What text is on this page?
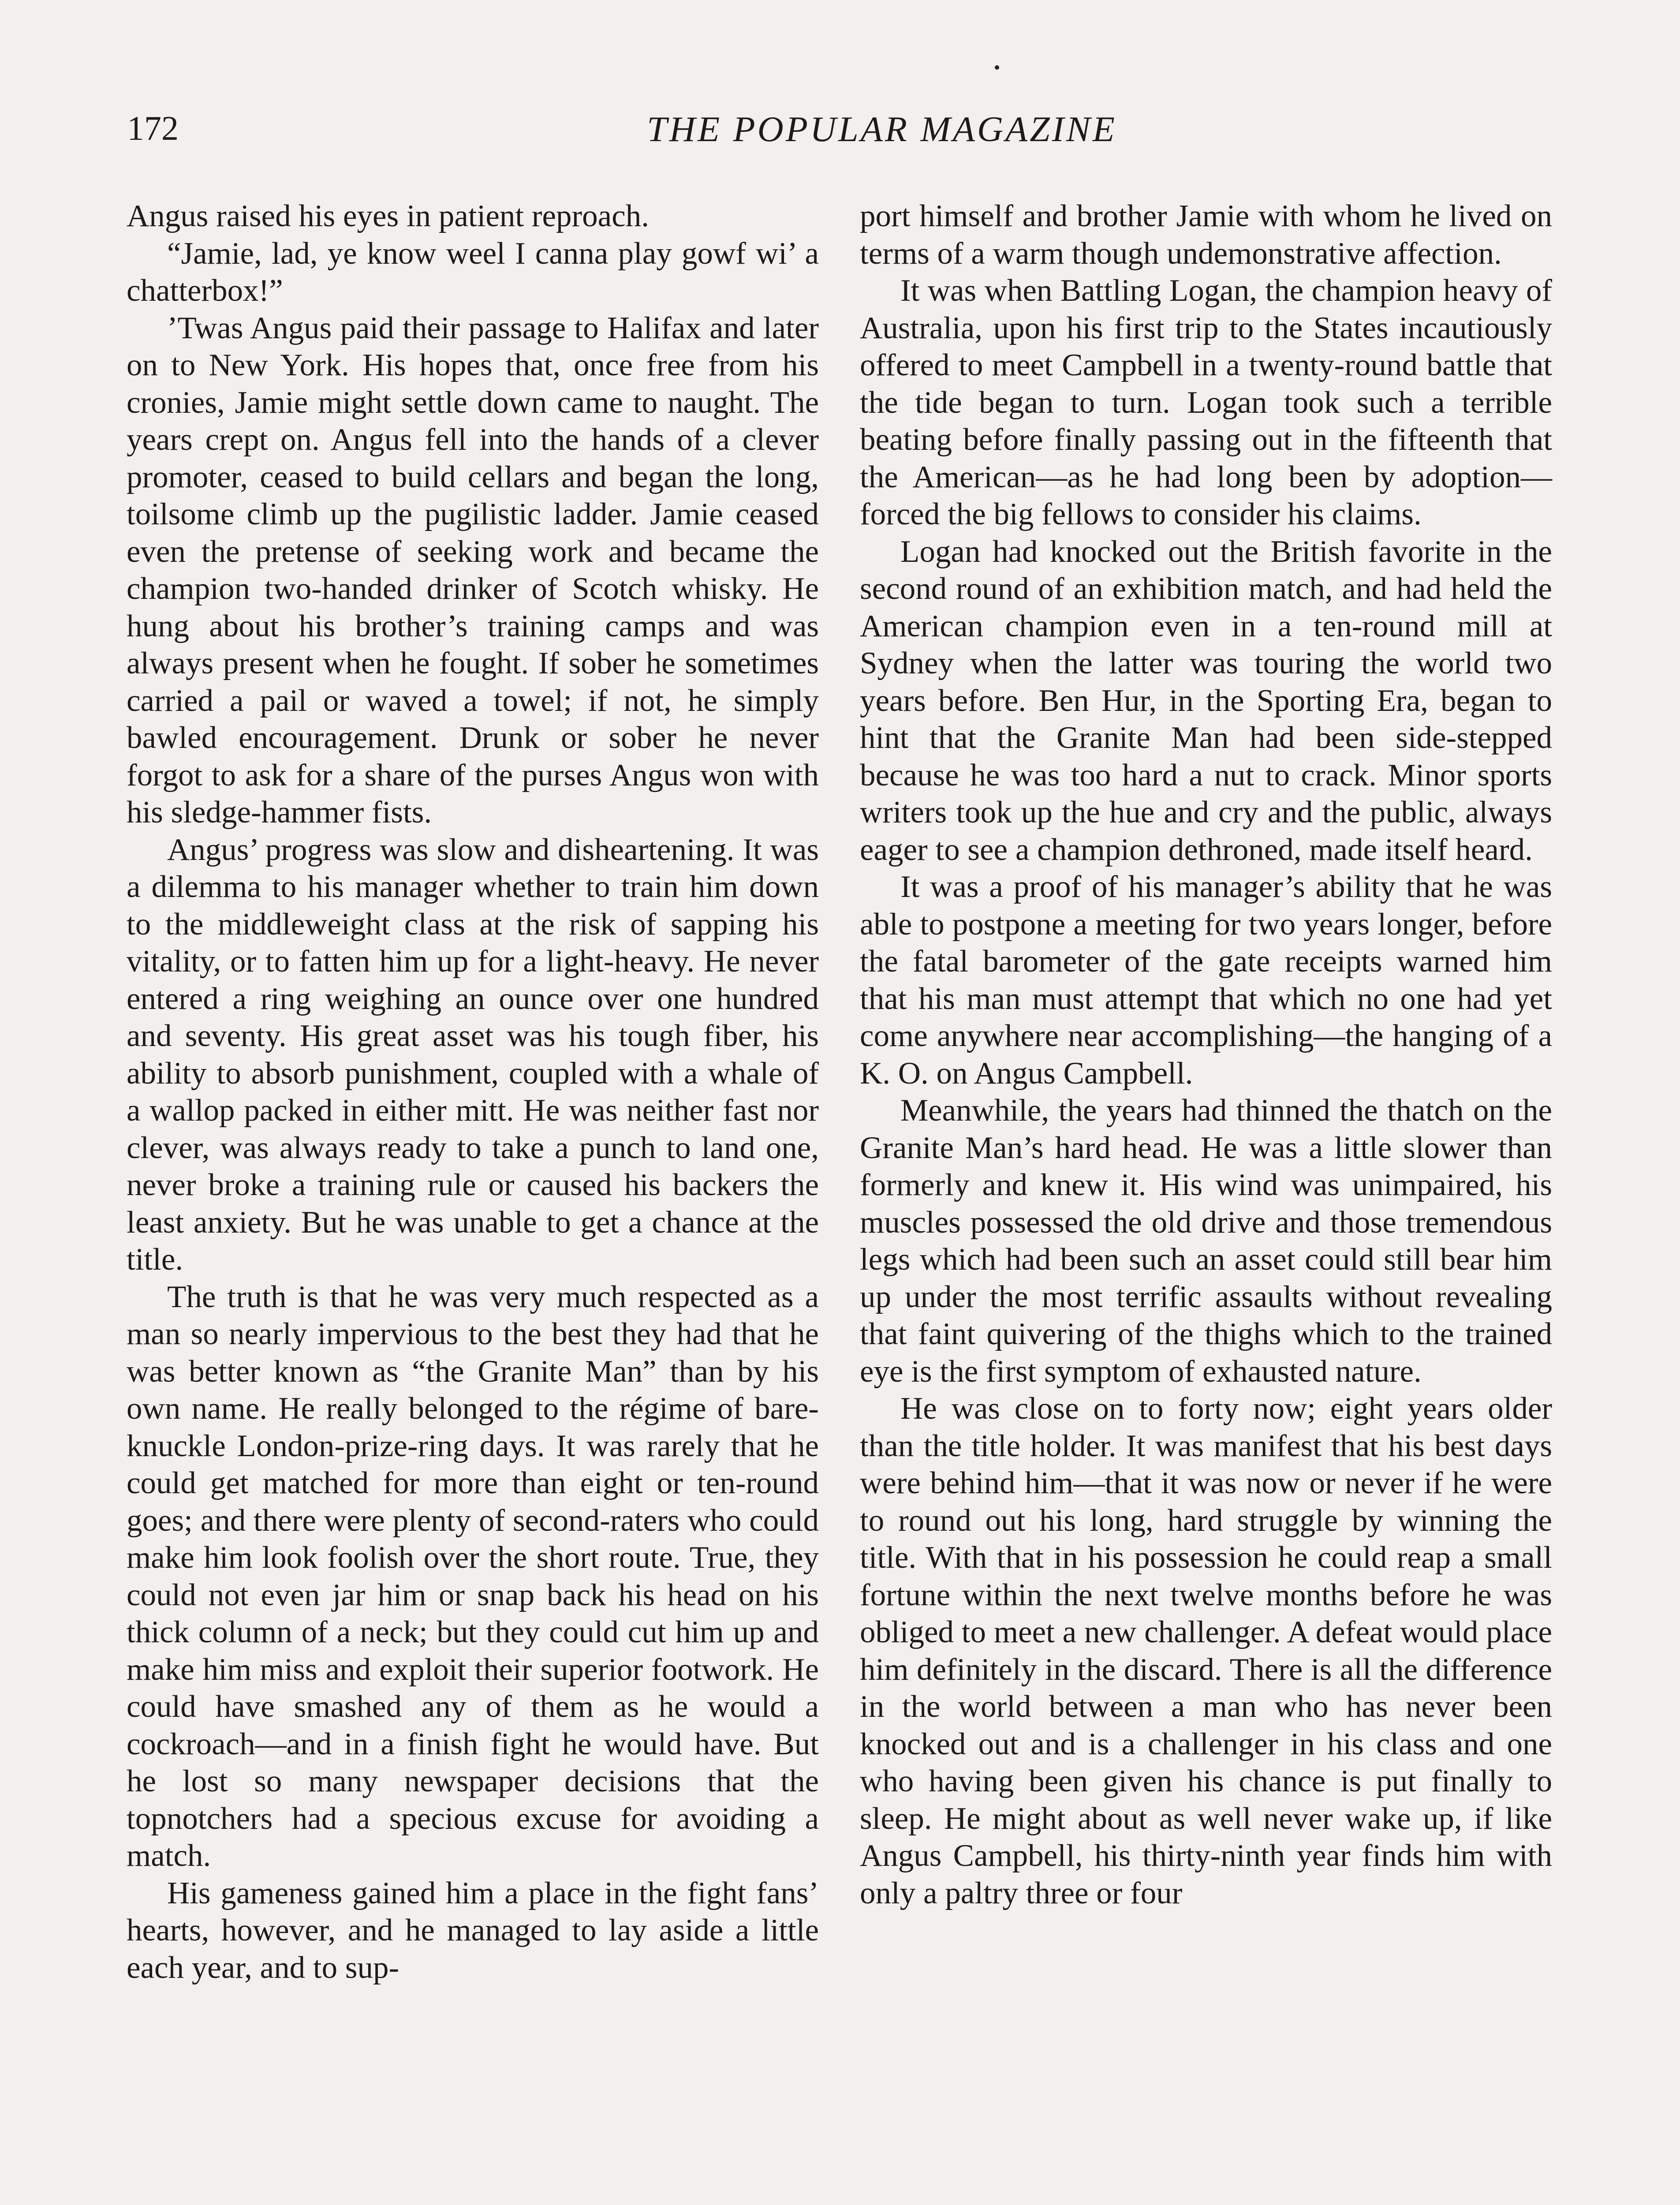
172	THE POPULAR MAGAZINE

Angus raised his eyes in patient reproach.

“Jamie, lad, ye know weel I canna play gowf wi’ a chatterbox!”

’Twas Angus paid their passage to Halifax and later on to New York. His hopes that, once free from his cronies, Jamie might settle down came to naught. The years crept on. Angus fell into the hands of a clever promoter, ceased to build cellars and began the long, toilsome climb up the pugilistic ladder. Jamie ceased even the pretense of seeking work and became the champion two-handed drinker of Scotch whisky. He hung about his brother’s training camps and was always present when he fought. If sober he sometimes carried a pail or waved a towel; if not, he simply bawled encouragement. Drunk or sober he never forgot to ask for a share of the purses Angus won with his sledge-hammer fists.

Angus’ progress was slow and disheartening. It was a dilemma to his manager whether to train him down to the middleweight class at the risk of sapping his vitality, or to fatten him up for a light-heavy. He never entered a ring weighing an ounce over one hundred and seventy. His great asset was his tough fiber, his ability to absorb punishment, coupled with a whale of a wallop packed in either mitt. He was neither fast nor clever, was always ready to take a punch to land one, never broke a training rule or caused his backers the least anxiety. But he was unable to get a chance at the title.

The truth is that he was very much respected as a man so nearly impervious to the best they had that he was better known as “the Granite Man” than by his own name. He really belonged to the régime of bare-knuckle London-prize-ring days. It was rarely that he could get matched for more than eight or ten-round goes; and there were plenty of second-raters who could make him look foolish over the short route. True, they could not even jar him or snap back his head on his thick column of a neck; but they could cut him up and make him miss and exploit their superior footwork. He could have smashed any of them as he would a cockroach—and in a finish fight he would have. But he lost so many newspaper decisions that the topnotchers had a specious excuse for avoiding a match.

His gameness gained him a place in the fight fans’ hearts, however, and he managed to lay aside a little each year, and to sup-

port himself and brother Jamie with whom he lived on terms of a warm though undemonstrative affection.

It was when Battling Logan, the champion heavy of Australia, upon his first trip to the States incautiously offered to meet Campbell in a twenty-round battle that the tide began to turn. Logan took such a terrible beating before finally passing out in the fifteenth that the American—as he had long been by adoption—forced the big fellows to consider his claims.

Logan had knocked out the British favorite in the second round of an exhibition match, and had held the American champion even in a ten-round mill at Sydney when the latter was touring the world two years before. Ben Hur, in the Sporting Era, began to hint that the Granite Man had been side-stepped because he was too hard a nut to crack. Minor sports writers took up the hue and cry and the public, always eager to see a champion dethroned, made itself heard.

It was a proof of his manager’s ability that he was able to postpone a meeting for two years longer, before the fatal barometer of the gate receipts warned him that his man must attempt that which no one had yet come anywhere near accomplishing—the hanging of a K. O. on Angus Campbell.

Meanwhile, the years had thinned the thatch on the Granite Man’s hard head. He was a little slower than formerly and knew it. His wind was unimpaired, his muscles possessed the old drive and those tremendous legs which had been such an asset could still bear him up under the most terrific assaults without revealing that faint quivering of the thighs which to the trained eye is the first symptom of exhausted nature.

He was close on to forty now; eight years older than the title holder. It was manifest that his best days were behind him—that it was now or never if he were to round out his long, hard struggle by winning the title. With that in his possession he could reap a small fortune within the next twelve months before he was obliged to meet a new challenger. A defeat would place him definitely in the discard. There is all the difference in the world between a man who has never been knocked out and is a challenger in his class and one who having been given his chance is put finally to sleep. He might about as well never wake up, if like Angus Campbell, his thirty-ninth year finds him with only a paltry three or four
